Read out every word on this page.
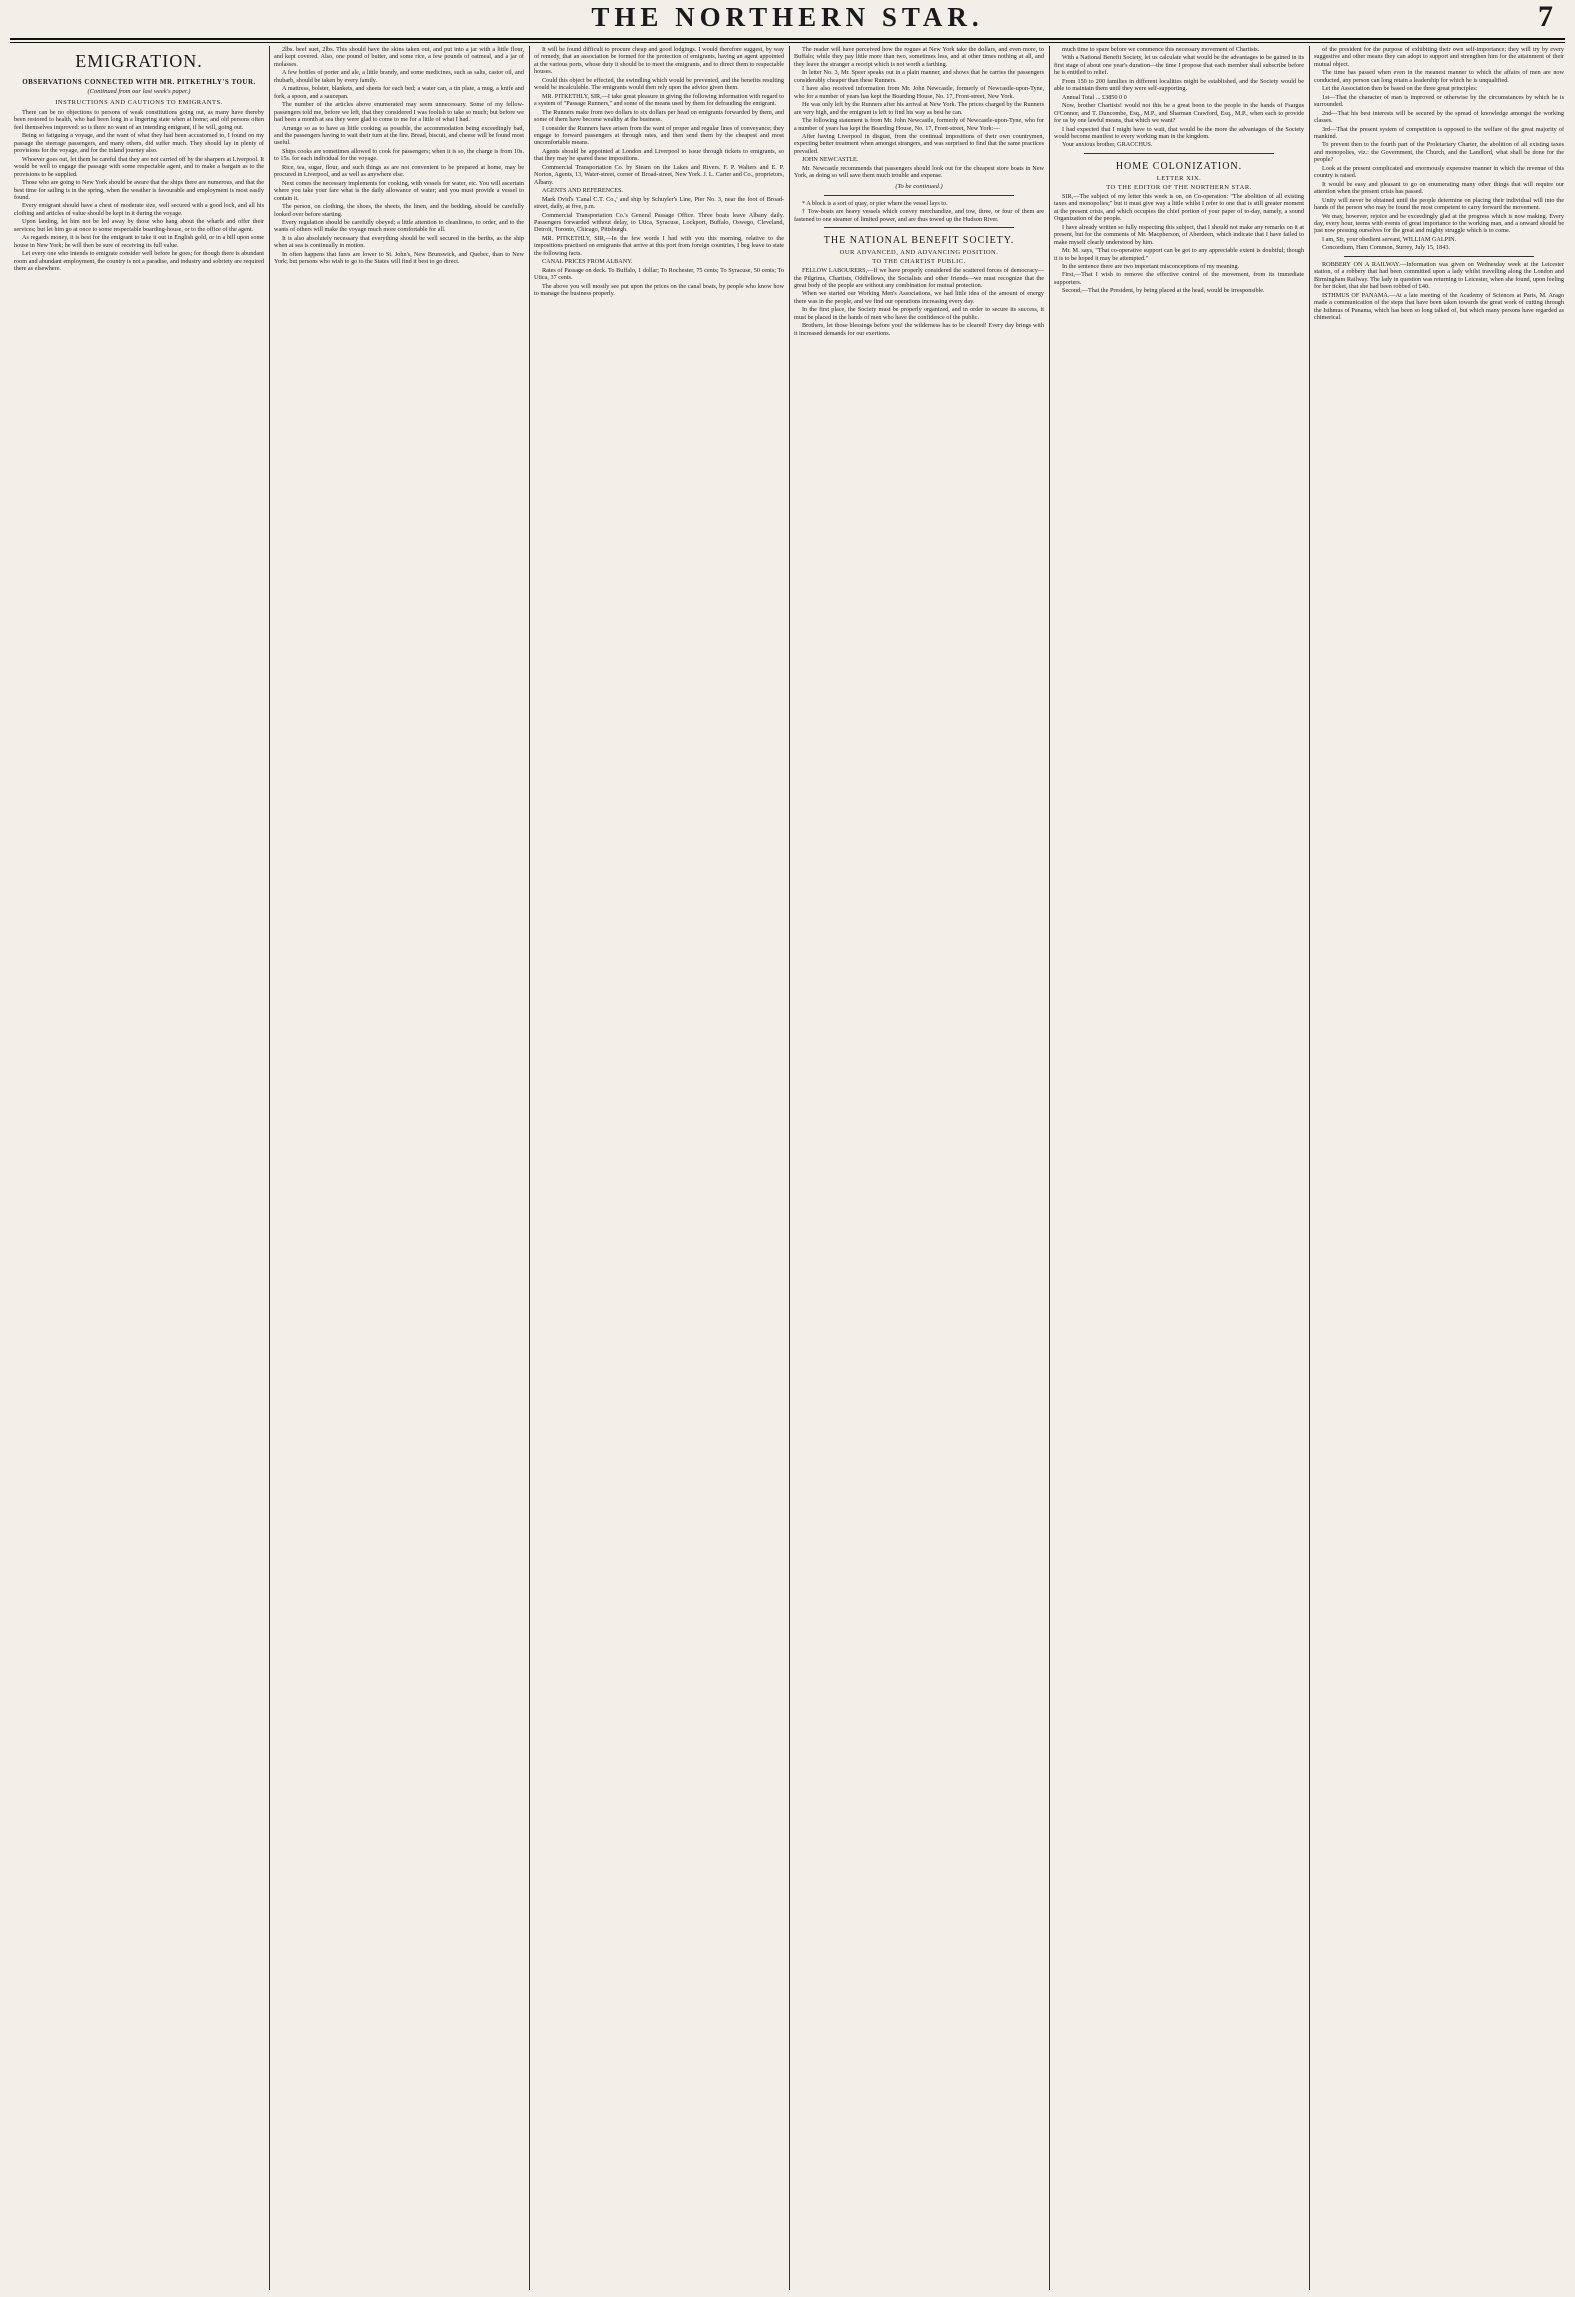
THE NORTHERN STAR.	7
EMIGRATION.
OBSERVATIONS CONNECTED WITH MR. PITKETHLY'S TOUR.
(Continued from our last week's paper.)
INSTRUCTIONS AND CAUTIONS TO EMIGRANTS.

There can be no objections to persons of weak constitutions going out, as many have thereby been restored to health, who had been long in a lingering state when at home; and old persons often feel themselves improved: so is there no want of an intending emigrant, if he will, going out.

Being so fatiguing a voyage, and the want of what they had been accustomed to, I found on my passage the steerage passengers, and many others, did suffer much. They should lay in plenty of provisions for the voyage, and for the inland journey also.

Whoever goes out, let them be careful that they are not carried off by the sharpers at Liverpool. It would be well to engage the passage with some respectable agent, and to make a bargain as to the provisions to be supplied.

Those who are going to New York should be aware that the ships there are numerous, and that the best time for sailing is in the spring, when the weather is favourable and employment is most easily found.

Every emigrant should have a chest of moderate size, well secured with a good lock, and all his clothing and articles of value should be kept in it during the voyage.

Upon landing, let him not be led away by those who hang about the wharfs and offer their services; but let him go at once to some respectable boarding-house, or to the office of the agent.

As regards money, it is best for the emigrant to take it out in English gold, or in a bill upon some house in New York; he will then be sure of receiving its full value.

Let every one who intends to emigrate consider well before he goes; for though there is abundant room and abundant employment, the country is not a paradise, and industry and sobriety are required there as elsewhere.

2lbs. beef suet, 2lbs. This should have the skins taken out, and put into a jar with a little flour, and kept covered. Also, one pound of butter, and some rice, a few pounds of oatmeal, and a jar of molasses.

A few bottles of porter and ale, a little brandy, and some medicines, such as salts, castor oil, and rhubarb, should be taken by every family.

A mattress, bolster, blankets, and sheets for each bed; a water can, a tin plate, a mug, a knife and fork, a spoon, and a saucepan.

The number of the articles above enumerated may seem unnecessary. Some of my fellow-passengers told me, before we left, that they considered I was foolish to take so much; but before we had been a month at sea they were glad to come to me for a little of what I had.

Arrange so as to have as little cooking as possible, the accommodation being exceedingly bad, and the passengers having to wait their turn at the fire. Bread, biscuit, and cheese will be found most useful.

Ships cooks are sometimes allowed to cook for passengers; when it is so, the charge is from 10s. to 15s. for each individual for the voyage.

Rice, tea, sugar, flour, and such things as are not convenient to be prepared at home, may be procured in Liverpool, and as well as anywhere else.

Next comes the necessary implements for cooking, with vessels for water, etc. You will ascertain where you take your fare what is the daily allowance of water; and you must provide a vessel to contain it.

The person, on clothing, the shoes, the sheets, the linen, and the bedding, should be carefully looked over before starting.

Every regulation should be carefully obeyed; a little attention to cleanliness, to order, and to the wants of others will make the voyage much more comfortable for all.

It is also absolutely necessary that everything should be well secured in the berths, as the ship when at sea is continually in motion.

In often happens that fares are lower to St. John's, New Brunswick, and Quebec, than to New York; but persons who wish to go to the States will find it best to go direct.

It will be found difficult to procure cheap and good lodgings. I would therefore suggest, by way of remedy, that an association be formed for the protection of emigrants, having an agent appointed at the various ports, whose duty it should be to meet the emigrants, and to direct them to respectable houses.

Could this object be effected, the swindling which would be prevented, and the benefits resulting would be incalculable. The emigrants would then rely upon the advice given them.

MR. PITKETHLY, SIR,—I take great pleasure in giving the following information with regard to a system of "Passage Runners," and some of the means used by them for defrauding the emigrant.

The Runners make from two dollars to six dollars per head on emigrants forwarded by them, and some of them have become wealthy at the business.

I consider the Runners have arisen from the want of proper and regular lines of conveyance; they engage to forward passengers at through rates, and then send them by the cheapest and most uncomfortable means.

Agents should be appointed at London and Liverpool to issue through tickets to emigrants, so that they may be spared these impositions.

Commercial Transportation Co. by Steam on the Lakes and Rivers. F. P. Walters and E. P. Norton, Agents, 13, Water-street, corner of Broad-street, New York. J. L. Carter and Co., proprietors, Albany.

AGENTS AND REFERENCES.

Mark Ovid's 'Canal C.T. Co.,' and ship by Schuyler's Line, Pier No. 3, near the foot of Broad-street, daily, at five, p.m.

Commercial Transportation Co.'s General Passage Office. Three boats leave Albany daily. Passengers forwarded without delay, to Utica, Syracuse, Lockport, Buffalo, Oswego, Cleveland, Detroit, Toronto, Chicago, Pittsburgh.

MR. PITKETHLY, SIR,—In the few words I had with you this morning, relative to the impositions practised on emigrants that arrive at this port from foreign countries, I beg leave to state the following facts.

CANAL PRICES FROM ALBANY.

Rates of Passage on deck. To Buffalo, 1 dollar; To Rochester, 75 cents; To Syracuse, 50 cents; To Utica, 37 cents.

The above you will mostly see put upon the prices on the canal boats, by people who know how to manage the business properly.

The reader will have perceived how the rogues at New York take the dollars, and even more, to Buffalo; while they pay little more than two, sometimes less, and at other times nothing at all, and they leave the stranger a receipt which is not worth a farthing.

In letter No. 3, Mr. Speer speaks out in a plain manner, and shows that he carries the passengers considerably cheaper than these Runners.

I have also received information from Mr. John Newcastle, formerly of Newcastle-upon-Tyne, who for a number of years has kept the Boarding House, No. 17, Front-street, New York.

He was only left by the Runners after his arrival at New York. The prices charged by the Runners are very high, and the emigrant is left to find his way as best he can.

The following statement is from Mr. John Newcastle, formerly of Newcastle-upon-Tyne, who for a number of years has kept the Boarding House, No. 17, Front-street, New York:—

After having Liverpool in disgust, from the continual impositions of their own countrymen, expecting better treatment when amongst strangers, and was surprised to find that the same practices prevailed.

JOHN NEWCASTLE.

Mr. Newcastle recommends that passengers should look out for the cheapest store boats in New York, as doing so will save them much trouble and expense.

(To be continued.)

* A block is a sort of quay, or pier where the vessel lays to.

† Tow-boats are heavy vessels which convey merchandize, and tow, three, or four of them are fastened to one steamer of limited power, and are thus towed up the Hudson River.

THE NATIONAL BENEFIT SOCIETY.
OUR ADVANCED, AND ADVANCING POSITION.
TO THE CHARTIST PUBLIC.

FELLOW LABOURERS,—If we have properly considered the scattered forces of democracy—the Pilgrims, Chartists, Oddfellows, the Socialists and other friends—we must recognize that the great body of the people are without any combination for mutual protection.

When we started our Working Men's Associations, we had little idea of the amount of energy there was in the people, and we find our operations increasing every day.

In the first place, the Society must be properly organized, and in order to secure its success, it must be placed in the hands of men who have the confidence of the public.

Brothers, let those blessings before you! the wilderness has to be cleared! Every day brings with it increased demands for our exertions.

much time to spare before we commence this necessary movement of Chartists.

With a National Benefit Society, let us calculate what would be the advantages to be gained in its first stage of about one year's duration—the time I propose that each member shall subscribe before he is entitled to relief.

From 150 to 200 families in different localities might be established, and the Society would be able to maintain them until they were self-supporting.

Annual Total ... £3850 0 0

Now, brother Chartists! would not this be a great boon to the people in the hands of Fsargus O'Connor, and T. Duncombe, Esq., M.P., and Sharman Crawford, Esq., M.P., when each to provide for us by one lawful means, that which we want?

I had expected that I might have to wait, that would be the more the advantages of the Society would become manifest to every working man in the kingdom.

Your anxious brother, GRACCHUS.

HOME COLONIZATION.
LETTER XIX.
TO THE EDITOR OF THE NORTHERN STAR.

SIR,—The subject of my letter this week is on, on Co-operation: "The abolition of all existing taxes and monopolies;" but it must give way a little whilst I refer to one that is still greater moment at the present crisis, and which occupies the chief portion of your paper of to-day, namely, a sound Organization of the people.

I have already written so fully respecting this subject, that I should not make any remarks on it at present, but for the comments of Mr. Macpherson, of Aberdeen, which indicate that I have failed to make myself clearly understood by him.

Mr. M. says, "That co-operative support can be got to any appreciable extent is doubtful; though it is to be hoped it may be attempted."

In the sentence there are two important misconceptions of my meaning.

First,—That I wish to remove the effective control of the movement, from its immediate supporters.

Second,—That the President, by being placed at the head, would be irresponsible.

of the president for the purpose of exhibiting their own self-importance; they will try by every suggestive and other means they can adopt to support and strengthen him for the attainment of their mutual object.

The time has passed when even in the meanest manner to which the affairs of men are now conducted, any person can long retain a leadership for which he is unqualified.

Let the Association then be based on the three great principles:

1st—That the character of man is improved or otherwise by the circumstances by which he is surrounded.

2nd—That his best interests will be secured by the spread of knowledge amongst the working classes.

3rd—That the present system of competition is opposed to the welfare of the great majority of mankind.

To prevent then to the fourth part of the Proletariary Charter, the abolition of all existing taxes and monopolies, viz.: the Government, the Church, and the Landlord, what shall be done for the people?

Look at the present complicated and enormously expensive manner in which the revenue of this country is raised.

It would be easy and pleasant to go on enumerating many other things that will require our attention when the present crisis has passed.

Unity will never be obtained until the people determine on placing their individual will into the hands of the person who may be found the most competent to carry forward the movement.

We may, however, rejoice and be exceedingly glad at the progress which is now making. Every day, every hour, teems with events of great importance to the working man, and a onward should be just now pressing ourselves for the great and mighty struggle which is to come.

I am, Sir, your obedient servant, WILLIAM GALPIN.

Concordium, Ham Common, Surrey, July 15, 1843.

ROBBERY ON A RAILWAY.—Information was given on Wednesday week at the Leicester station, of a robbery that had been committed upon a lady whilst travelling along the London and Birmingham Railway. The lady in question was returning to Leicester, when she found, upon feeling for her ticket, that she had been robbed of £40.

ISTHMUS OF PANAMA.—At a late meeting of the Academy of Sciences at Paris, M. Arago made a communication of the steps that have been taken towards the great work of cutting through the Isthmus of Panama, which has been so long talked of, but which many persons have regarded as chimerical.
